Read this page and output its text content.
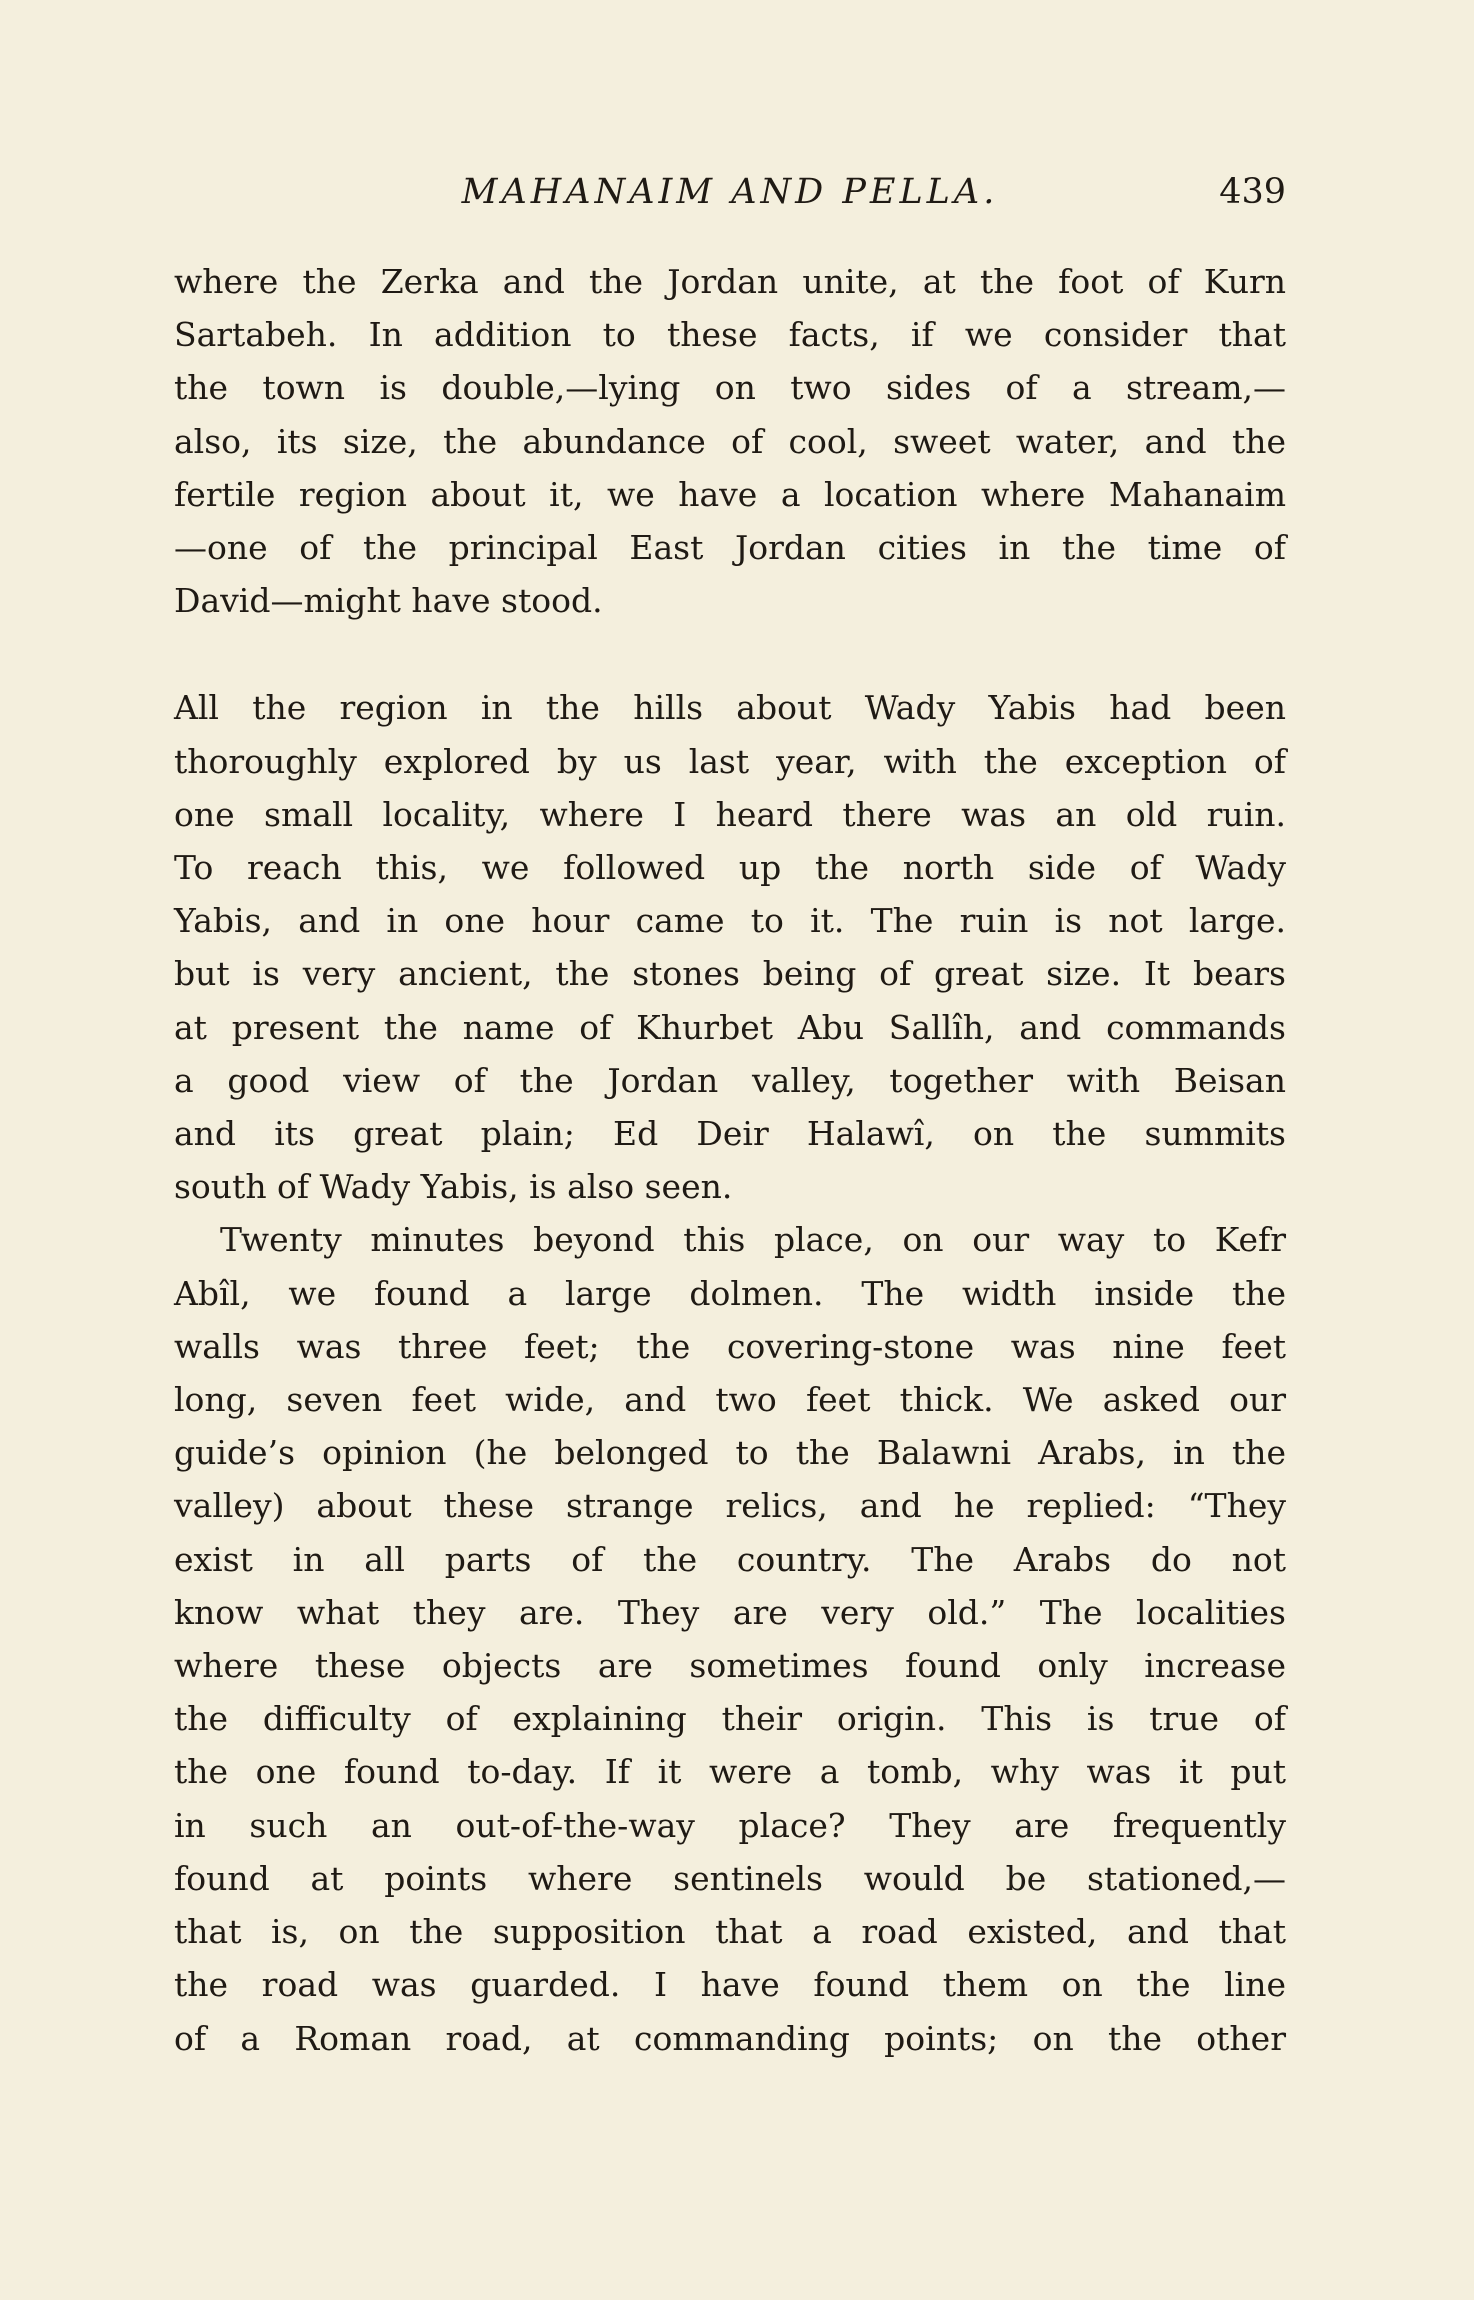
MAHANAIM AND PELLA.	439

where the Zerka and the Jordan unite, at the foot of Kurn
Sartabeh. In addition to these facts, if we consider that
the town is double,—lying on two sides of a stream,—
also, its size, the abundance of cool, sweet water, and the
fertile region about it, we have a location where Mahanaim
—one of the principal East Jordan cities in the time of
David—might have stood.

All the region in the hills about Wady Yabis had been
thoroughly explored by us last year, with the exception of
one small locality, where I heard there was an old ruin.
To reach this, we followed up the north side of Wady
Yabis, and in one hour came to it. The ruin is not large.
but is very ancient, the stones being of great size. It bears
at present the name of Khurbet Abu Sallîh, and commands
a good view of the Jordan valley, together with Beisan
and its great plain; Ed Deir Halawî, on the summits
south of Wady Yabis, is also seen.

Twenty minutes beyond this place, on our way to Kefr
Abîl, we found a large dolmen. The width inside the
walls was three feet; the covering-stone was nine feet
long, seven feet wide, and two feet thick. We asked our
guide’s opinion (he belonged to the Balawni Arabs, in the
valley) about these strange relics, and he replied: “They
exist in all parts of the country. The Arabs do not
know what they are. They are very old.” The localities
where these objects are sometimes found only increase
the difficulty of explaining their origin. This is true of
the one found to-day. If it were a tomb, why was it put
in such an out-of-the-way place? They are frequently
found at points where sentinels would be stationed,—
that is, on the supposition that a road existed, and that
the road was guarded. I have found them on the line
of a Roman road, at commanding points; on the other
